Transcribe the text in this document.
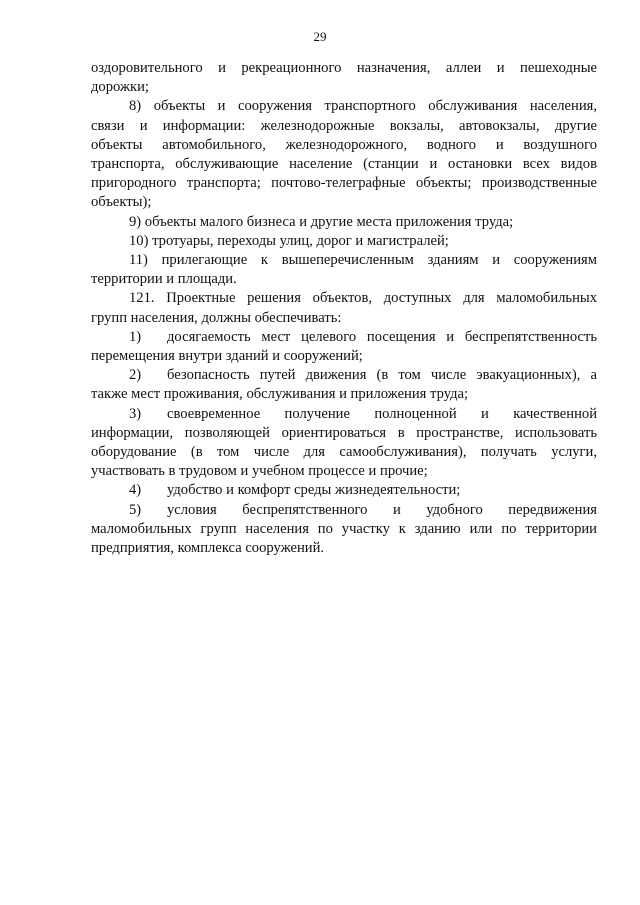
29
оздоровительного и рекреационного назначения, аллеи и пешеходные
дорожки;
8) объекты и сооружения транспортного обслуживания населения,
связи и информации: железнодорожные вокзалы, автовокзалы, другие
объекты автомобильного, железнодорожного, водного и воздушного
транспорта, обслуживающие население (станции и остановки всех видов
пригородного транспорта; почтово-телеграфные объекты; производственные
объекты);
9) объекты малого бизнеса и другие места приложения труда;
10) тротуары, переходы улиц, дорог и магистралей;
11) прилегающие к вышеперечисленным зданиям и сооружениям
территории и площади.
121. Проектные решения объектов, доступных для маломобильных
групп населения, должны обеспечивать:
1)	досягаемость мест целевого посещения и беспрепятственность
перемещения внутри зданий и сооружений;
2)	безопасность путей движения (в том числе эвакуационных), а
также мест проживания, обслуживания и приложения труда;
3)	своевременное получение полноценной и качественной
информации, позволяющей ориентироваться в пространстве, использовать
оборудование (в том числе для самообслуживания), получать услуги,
участвовать в трудовом и учебном процессе и прочие;
4)	удобство и комфорт среды жизнедеятельности;
5)	условия беспрепятственного и удобного передвижения
маломобильных групп населения по участку к зданию или по территории
предприятия, комплекса сооружений.
